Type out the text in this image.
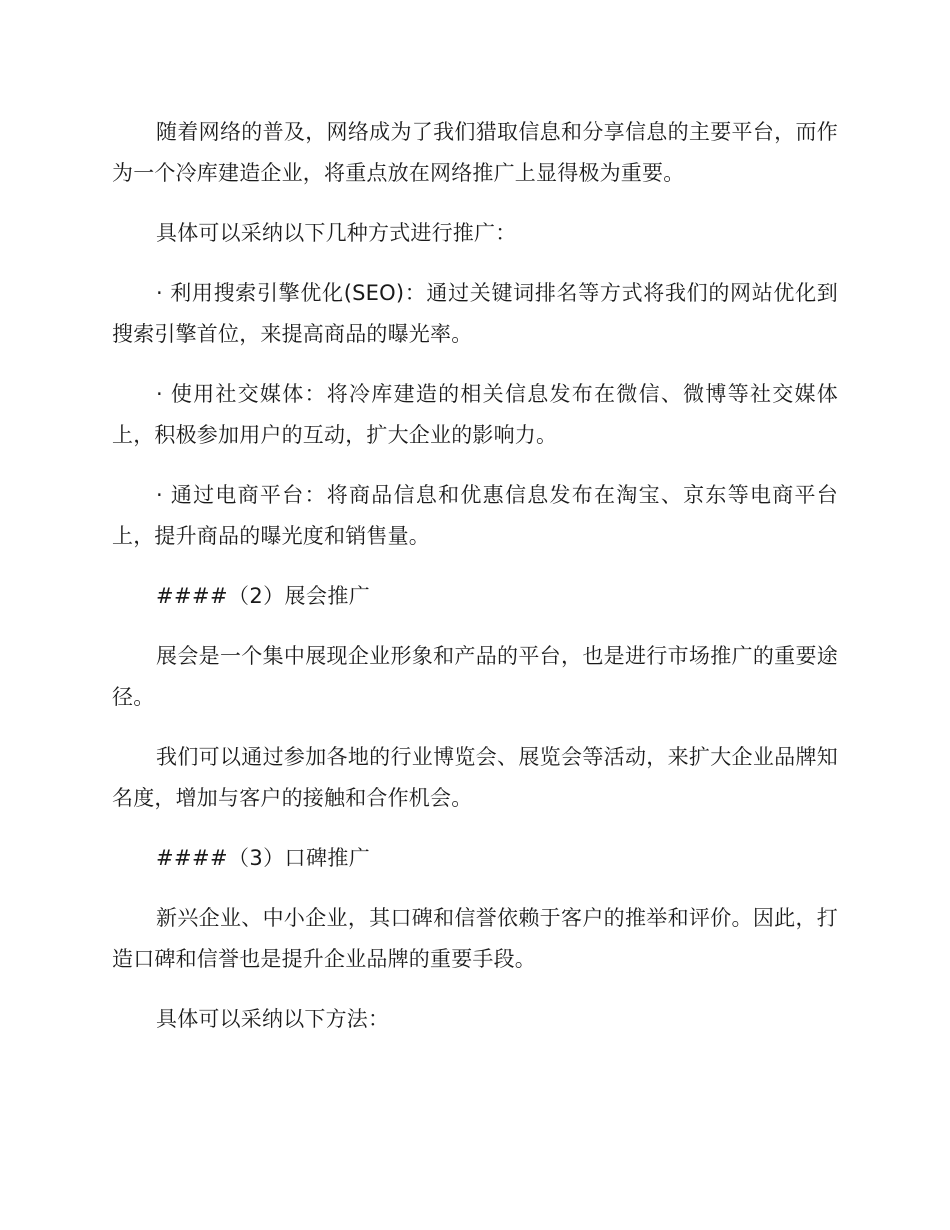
随着网络的普及，网络成为了我们猎取信息和分享信息的主要平台，而作为一个冷库建造企业，将重点放在网络推广上显得极为重要。

具体可以采纳以下几种方式进行推广：

· 利用搜索引擎优化(SEO)：通过关键词排名等方式将我们的网站优化到搜索引擎首位，来提高商品的曝光率。

· 使用社交媒体：将冷库建造的相关信息发布在微信、微博等社交媒体上，积极参加用户的互动，扩大企业的影响力。

· 通过电商平台：将商品信息和优惠信息发布在淘宝、京东等电商平台上，提升商品的曝光度和销售量。

####（2）展会推广

展会是一个集中展现企业形象和产品的平台，也是进行市场推广的重要途径。

我们可以通过参加各地的行业博览会、展览会等活动，来扩大企业品牌知名度，增加与客户的接触和合作机会。

####（3）口碑推广

新兴企业、中小企业，其口碑和信誉依赖于客户的推举和评价。因此，打造口碑和信誉也是提升企业品牌的重要手段。

具体可以采纳以下方法：
